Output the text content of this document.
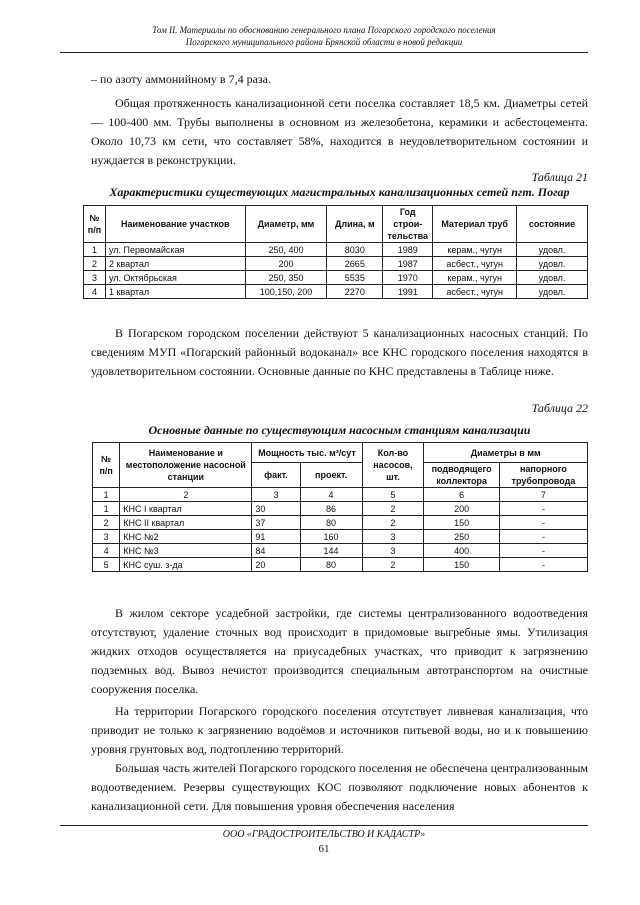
Том II. Материалы по обоснованию генерального плана Погарского городского поселения
Погарского муниципального района Брянской области в новой редакции
– по азоту аммонийному в 7,4 раза.
Общая протяженность канализационной сети поселка составляет 18,5 км. Диаметры сетей — 100-400 мм. Трубы выполнены в основном из железобетона, керамики и асбестоцемента. Около 10,73 км сети, что составляет 58%, находится в неудовлетворительном состоянии и нуждается в реконструкции.
Таблица 21
Характеристики существующих магистральных канализационных сетей пгт. Погар
№ п/п	Наименование участков	Диаметр, мм	Длина, м	Год строи-тельства	Материал труб	состояние
1	ул. Первомайская	250, 400	8030	1989	керам., чугун	удовл.
2	2 квартал	200	2665	1987	асбест., чугун	удовл.
3	ул. Октябрьская	250, 350	5535	1970	керам., чугун	удовл.
4	1 квартал	100,150, 200	2270	1991	асбест., чугун	удовл.
В Погарском городском поселении действуют 5 канализационных насосных станций. По сведениям МУП «Погарский районный водоканал» все КНС городского поселения находятся в удовлетворительном состоянии. Основные данные по КНС представлены в Таблице ниже.
Таблица 22
Основные данные по существующим насосным станциям канализации
№ п/п	Наименование и местоположение насосной станции	Мощность тыс. м³/сут		Кол-во насосов, шт.	Диаметры в мм	
		факт.	проект.		подводящего коллектора	напорного трубопровода
1	2	3	4	5	6	7
1	КНС I квартал	30	86	2	200	-
2	КНС II квартал	37	80	2	150	-
3	КНС №2	91	160	3	250	-
4	КНС №3	84	144	3	400	-
5	КНС суш. з-да	20	80	2	150	-
В жилом секторе усадебной застройки, где системы централизованного водоотведения отсутствуют, удаление сточных вод происходит в придомовые выгребные ямы. Утилизация жидких отходов осуществляется на приусадебных участках, что приводит к загрязнению подземных вод. Вывоз нечистот производится специальным автотранспортом на очистные сооружения поселка.
На территории Погарского городского поселения отсутствует ливневая канализация, что приводит не только к загрязнению водоёмов и источников питьевой воды, но и к повышению уровня грунтовых вод, подтоплению территорий.
Большая часть жителей Погарского городского поселения не обеспечена централизованным водоотведением. Резервы существующих КОС позволяют подключение новых абонентов к канализационной сети. Для повышения уровня обеспечения населения
ООО «ГРАДОСТРОИТЕЛЬСТВО И КАДАСТР»
61
